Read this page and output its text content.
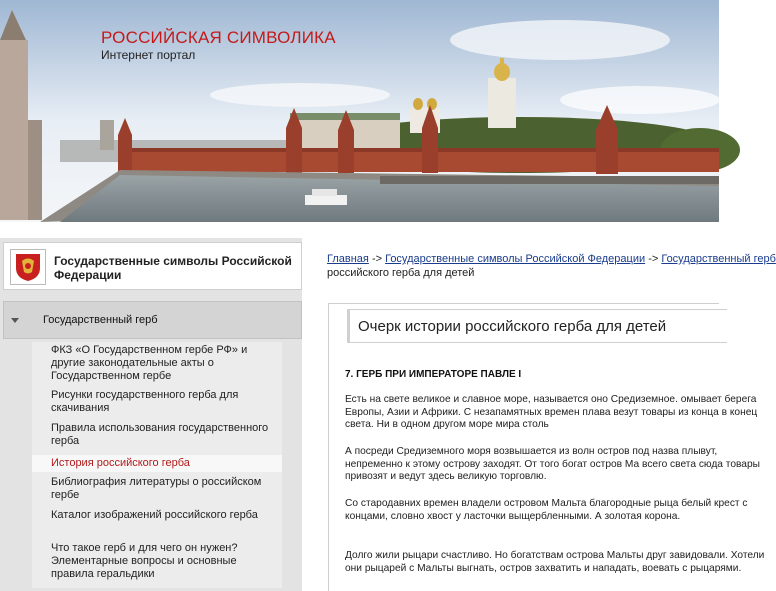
РОССИЙСКАЯ СИМВОЛИКА
Интернет портал
Государственные символы Российской Федерации
Государственный герб
ФКЗ «О Государственном гербе РФ» и другие законодательные акты о Государственном гербе
Рисунки государственного герба для скачивания
Правила использования государственного герба
История российского герба
Библиография литературы о российском гербе
Каталог изображений российского герба
Что такое герб и для чего он нужен? Элементарные вопросы и основные правила геральдики
Главная -> Государственные символы Российской Федерации -> Государственный герб
российского герба для детей
Очерк истории российского герба для детей
7. ГЕРБ ПРИ ИМПЕРАТОРЕ ПАВЛЕ I
Есть на свете великое и славное море, называется оно Средиземное. омывает берега Европы, Азии и Африки. С незапамятных времен плава везут товары из конца в конец света. Ни в одном другом море мира столь
А посреди Средиземного моря возвышается из волн остров под назва плывут, непременно к этому острову заходят. От того богат остров Ма всего света сюда товары привозят и ведут здесь великую торговлю.
Со стародавних времен владели островом Мальта благородные рыца белый крест с концами, словно хвост у ласточки выщербленными. А золотая корона.
Долго жили рыцари счастливо. Но богатствам острова Мальты друг завидовали. Хотели они рыцарей с Мальты выгнать, остров захватить и нападать, воевать с рыцарями.
